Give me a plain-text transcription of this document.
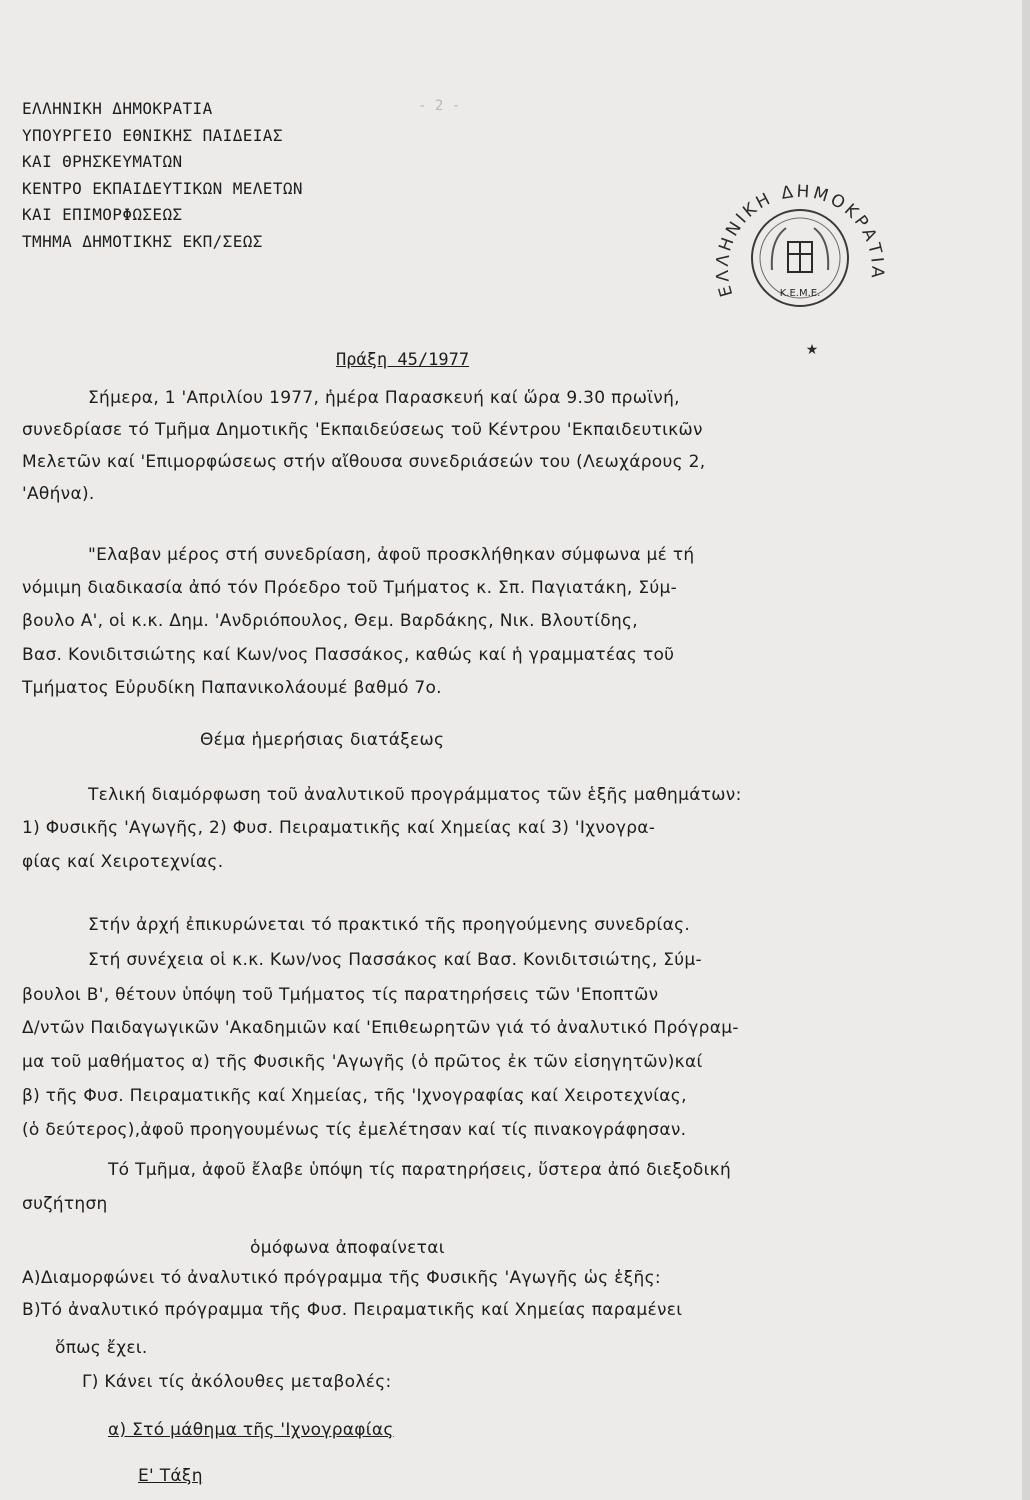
- 2 -
ΕΛΛΗΝΙΚΗ ΔΗΜΟΚΡΑΤΙΑ
ΥΠΟΥΡΓΕΙΟ ΕΘΝΙΚΗΣ ΠΑΙΔΕΙΑΣ
ΚΑΙ ΘΡΗΣΚΕΥΜΑΤΩΝ
ΚΕΝΤΡΟ ΕΚΠΑΙΔΕΥΤΙΚΩΝ ΜΕΛΕΤΩΝ
ΚΑΙ ΕΠΙΜΟΡΦΩΣΕΩΣ
ΤΜΗΜΑ ΔΗΜΟΤΙΚΗΣ ΕΚΠ/ΣΕΩΣ
ΕΛΛΗΝΙΚΗ ΔΗΜΟΚΡΑΤΙΑ
Κ.Ε.Μ.Ε.
★
Πράξη 45/1977
Σήμερα, 1 'Απριλίου 1977, ἡμέρα Παρασκευή καί ὥρα 9.30 πρωϊνή,
συνεδρίασε τό Τμῆμα Δημοτικῆς 'Εκπαιδεύσεως τοῦ Κέντρου 'Εκπαιδευτικῶν
Μελετῶν καί 'Επιμορφώσεως στήν αἴθουσα συνεδριάσεών του (Λεωχάρους 2,
'Αθήνα).
"Ελαβαν μέρος στή συνεδρίαση, ἀφοῦ προσκλήθηκαν σύμφωνα μέ τή
νόμιμη διαδικασία ἀπό τόν Πρόεδρο τοῦ Τμήματος κ. Σπ. Παγιατάκη, Σύμ-
βουλο Α', οἱ κ.κ. Δημ. 'Ανδριόπουλος, Θεμ. Βαρδάκης, Νικ. Βλουτίδης,
Βασ. Κονιδιτσιώτης καί Κων/νος Πασσάκος, καθώς καί ἡ γραμματέας τοῦ
Τμήματος Εὐρυδίκη Παπανικολάουμέ βαθμό 7ο.
Θέμα ἡμερήσιας διατάξεως
Τελική διαμόρφωση τοῦ ἀναλυτικοῦ προγράμματος τῶν ἑξῆς μαθημάτων:
1) Φυσικῆς 'Αγωγῆς, 2) Φυσ. Πειραματικῆς καί Χημείας καί 3) 'Ιχνογρα-
φίας καί Χειροτεχνίας.
Στήν ἀρχή ἐπικυρώνεται τό πρακτικό τῆς προηγούμενης συνεδρίας.
Στή συνέχεια οἱ κ.κ. Κων/νος Πασσάκος καί Βασ. Κονιδιτσιώτης, Σύμ-
βουλοι Β', θέτουν ὑπόψη τοῦ Τμήματος τίς παρατηρήσεις τῶν 'Εποπτῶν
Δ/ντῶν Παιδαγωγικῶν 'Ακαδημιῶν καί 'Επιθεωρητῶν γιά τό ἀναλυτικό Πρόγραμ-
μα τοῦ μαθήματος α) τῆς Φυσικῆς 'Αγωγῆς (ὁ πρῶτος ἐκ τῶν εἰσηγητῶν)καί
β) τῆς Φυσ. Πειραματικῆς καί Χημείας, τῆς 'Ιχνογραφίας καί Χειροτεχνίας,
(ὁ δεύτερος),ἀφοῦ προηγουμένως τίς ἐμελέτησαν καί τίς πινακογράφησαν.
Τό Τμῆμα, ἀφοῦ ἔλαβε ὑπόψη τίς παρατηρήσεις, ὕστερα ἀπό διεξοδική
συζήτηση
ὁμόφωνα ἀποφαίνεται
Α)Διαμορφώνει τό ἀναλυτικό πρόγραμμα τῆς Φυσικῆς 'Αγωγῆς ὡς ἑξῆς:
Β)Τό ἀναλυτικό πρόγραμμα τῆς Φυσ. Πειραματικῆς καί Χημείας παραμένει
ὅπως ἔχει.
Γ) Κάνει τίς ἀκόλουθες μεταβολές:
α) Στό μάθημα τῆς 'Ιχνογραφίας
Ε' Τάξη
